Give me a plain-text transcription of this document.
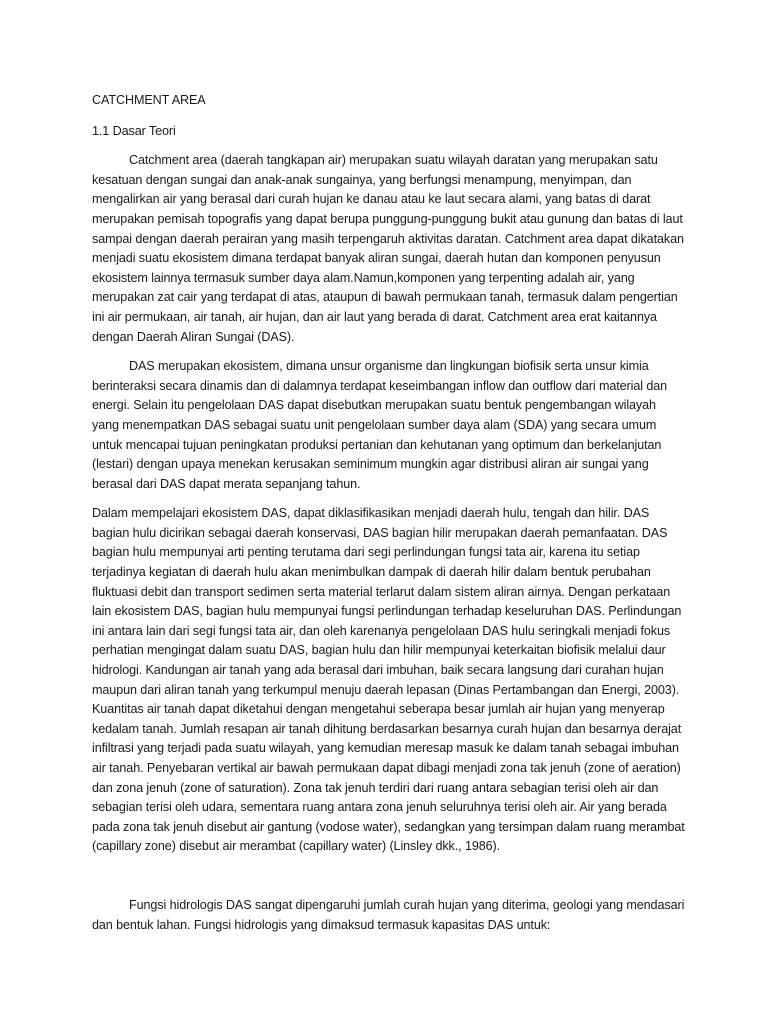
CATCHMENT AREA
1.1 Dasar Teori
Catchment area (daerah tangkapan air) merupakan suatu wilayah daratan yang merupakan satu kesatuan dengan sungai dan anak-anak sungainya, yang berfungsi menampung, menyimpan, dan mengalirkan air yang berasal dari curah hujan ke danau atau ke laut secara alami, yang batas di darat merupakan pemisah topografis yang dapat berupa punggung-punggung bukit atau gunung dan batas di laut sampai dengan daerah perairan yang masih terpengaruh aktivitas daratan. Catchment area dapat dikatakan menjadi suatu ekosistem dimana terdapat banyak aliran sungai, daerah hutan dan komponen penyusun ekosistem lainnya termasuk sumber daya alam.Namun,komponen yang terpenting adalah air, yang merupakan zat cair yang terdapat di atas, ataupun di bawah permukaan tanah, termasuk dalam pengertian ini air permukaan, air tanah, air hujan, dan air laut yang berada di darat. Catchment area erat kaitannya dengan Daerah Aliran Sungai (DAS).
DAS merupakan ekosistem, dimana unsur organisme dan lingkungan biofisik serta unsur kimia berinteraksi secara dinamis dan di dalamnya terdapat keseimbangan inflow dan outflow dari material dan energi. Selain itu pengelolaan DAS dapat disebutkan merupakan suatu bentuk pengembangan wilayah yang menempatkan DAS sebagai suatu unit pengelolaan sumber daya alam (SDA) yang secara umum untuk mencapai tujuan peningkatan produksi pertanian dan kehutanan yang optimum dan berkelanjutan (lestari) dengan upaya menekan kerusakan seminimum mungkin agar distribusi aliran air sungai yang berasal dari DAS dapat merata sepanjang tahun.
Dalam mempelajari ekosistem DAS, dapat diklasifikasikan menjadi daerah hulu, tengah dan hilir. DAS bagian hulu dicirikan sebagai daerah konservasi, DAS bagian hilir merupakan daerah pemanfaatan. DAS bagian hulu mempunyai arti penting terutama dari segi perlindungan fungsi tata air, karena itu setiap terjadinya kegiatan di daerah hulu akan menimbulkan dampak di daerah hilir dalam bentuk perubahan fluktuasi debit dan transport sedimen serta material terlarut dalam sistem aliran airnya. Dengan perkataan lain ekosistem DAS, bagian hulu mempunyai fungsi perlindungan terhadap keseluruhan DAS. Perlindungan ini antara lain dari segi fungsi tata air, dan oleh karenanya pengelolaan DAS hulu seringkali menjadi fokus perhatian mengingat dalam suatu DAS, bagian hulu dan hilir mempunyai keterkaitan biofisik melalui daur hidrologi. Kandungan air tanah yang ada berasal dari imbuhan, baik secara langsung dari curahan hujan maupun dari aliran tanah yang terkumpul menuju daerah lepasan (Dinas Pertambangan dan Energi, 2003). Kuantitas air tanah dapat diketahui dengan mengetahui seberapa besar jumlah air hujan yang menyerap kedalam tanah. Jumlah resapan air tanah dihitung berdasarkan besarnya curah hujan dan besarnya derajat infiltrasi yang terjadi pada suatu wilayah, yang kemudian meresap masuk ke dalam tanah sebagai imbuhan air tanah. Penyebaran vertikal air bawah permukaan dapat dibagi menjadi zona tak jenuh (zone of aeration) dan zona jenuh (zone of saturation). Zona tak jenuh terdiri dari ruang antara sebagian terisi oleh air dan sebagian terisi oleh udara, sementara ruang antara zona jenuh seluruhnya terisi oleh air. Air yang berada pada zona tak jenuh disebut air gantung (vodose water), sedangkan yang tersimpan dalam ruang merambat (capillary zone) disebut air merambat (capillary water) (Linsley dkk., 1986).
Fungsi hidrologis DAS sangat dipengaruhi jumlah curah hujan yang diterima, geologi yang mendasari dan bentuk lahan. Fungsi hidrologis yang dimaksud termasuk kapasitas DAS untuk:
